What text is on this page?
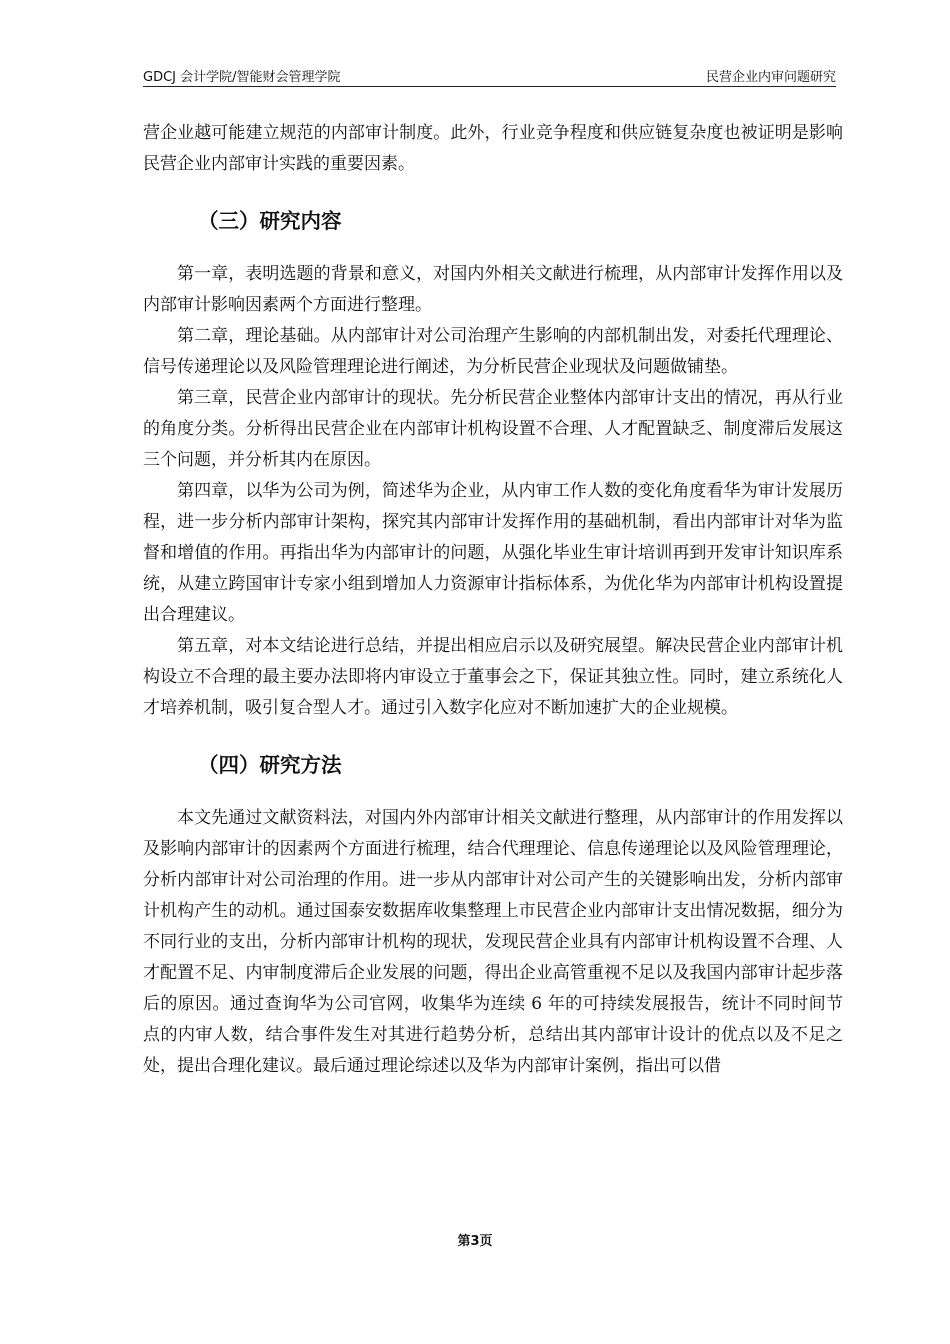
GDCJ 会计学院/智能财会管理学院	民营企业内审问题研究

营企业越可能建立规范的内部审计制度。此外，行业竞争程度和供应链复杂度也被证明是影响民营企业内部审计实践的重要因素。

（三）研究内容

第一章，表明选题的背景和意义，对国内外相关文献进行梳理，从内部审计发挥作用以及内部审计影响因素两个方面进行整理。

第二章，理论基础。从内部审计对公司治理产生影响的内部机制出发，对委托代理理论、信号传递理论以及风险管理理论进行阐述，为分析民营企业现状及问题做铺垫。

第三章，民营企业内部审计的现状。先分析民营企业整体内部审计支出的情况，再从行业的角度分类。分析得出民营企业在内部审计机构设置不合理、人才配置缺乏、制度滞后发展这三个问题，并分析其内在原因。

第四章，以华为公司为例，简述华为企业，从内审工作人数的变化角度看华为审计发展历程，进一步分析内部审计架构，探究其内部审计发挥作用的基础机制，看出内部审计对华为监督和增值的作用。再指出华为内部审计的问题，从强化毕业生审计培训再到开发审计知识库系统，从建立跨国审计专家小组到增加人力资源审计指标体系，为优化华为内部审计机构设置提出合理建议。

第五章，对本文结论进行总结，并提出相应启示以及研究展望。解决民营企业内部审计机构设立不合理的最主要办法即将内审设立于董事会之下，保证其独立性。同时，建立系统化人才培养机制，吸引复合型人才。通过引入数字化应对不断加速扩大的企业规模。

（四）研究方法

本文先通过文献资料法，对国内外内部审计相关文献进行整理，从内部审计的作用发挥以及影响内部审计的因素两个方面进行梳理，结合代理理论、信息传递理论以及风险管理理论，分析内部审计对公司治理的作用。进一步从内部审计对公司产生的关键影响出发，分析内部审计机构产生的动机。通过国泰安数据库收集整理上市民营企业内部审计支出情况数据，细分为不同行业的支出，分析内部审计机构的现状，发现民营企业具有内部审计机构设置不合理、人才配置不足、内审制度滞后企业发展的问题，得出企业高管重视不足以及我国内部审计起步落后的原因。通过查询华为公司官网，收集华为连续 6 年的可持续发展报告，统计不同时间节点的内审人数，结合事件发生对其进行趋势分析，总结出其内部审计设计的优点以及不足之处，提出合理化建议。最后通过理论综述以及华为内部审计案例，指出可以借

第3页
